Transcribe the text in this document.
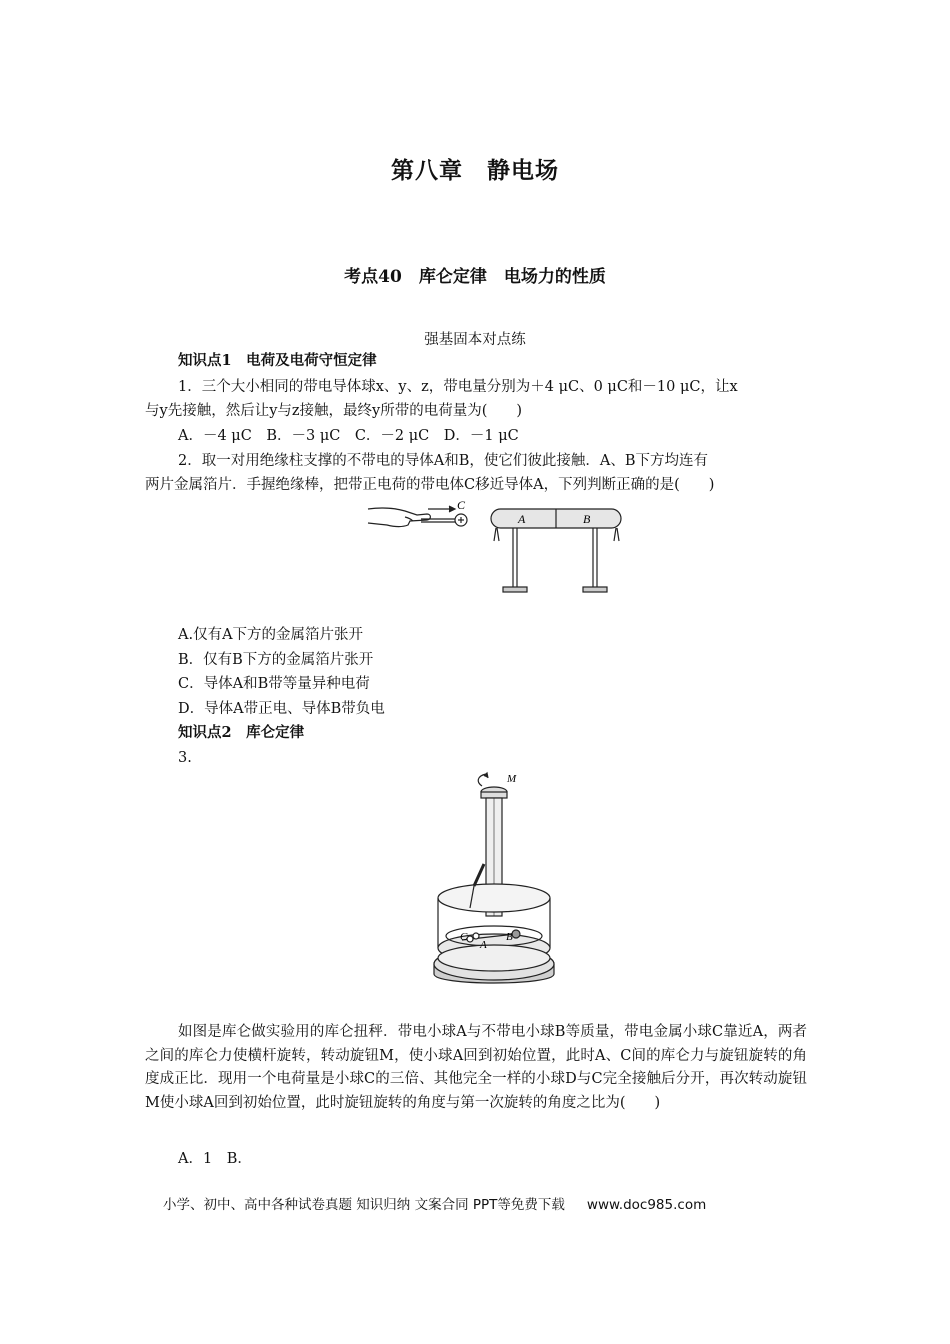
第八章　静电场
考点40　库仑定律　电场力的性质
强基固本对点练
知识点1　电荷及电荷守恒定律
1．三个大小相同的带电导体球x、y、z，带电量分别为＋4 μC、0 μC和－10 μC，让x
与y先接触，然后让y与z接触，最终y所带的电荷量为(　　)
A．－4 μC　B．－3 μC　C．－2 μC　D．－1 μC
2．取一对用绝缘柱支撑的不带电的导体A和B，使它们彼此接触．A、B下方均连有
两片金属箔片．手握绝缘棒，把带正电荷的带电体C移近导体A，下列判断正确的是(　　)
C
A	B
A.仅有A下方的金属箔片张开
B．仅有B下方的金属箔片张开
C．导体A和B带等量异种电荷
D．导体A带正电、导体B带负电
知识点2　库仑定律
3.
M
C
A
B
如图是库仑做实验用的库仑扭秤．带电小球A与不带电小球B等质量，带电金属小球C靠近A，两者之间的库仑力使横杆旋转，转动旋钮M，使小球A回到初始位置，此时A、C间的库仑力与旋钮旋转的角度成正比．现用一个电荷量是小球C的三倍、其他完全一样的小球D与C完全接触后分开，再次转动旋钮M使小球A回到初始位置，此时旋钮旋转的角度与第一次旋转的角度之比为(　　)
A．1　B．
小学、初中、高中各种试卷真题 知识归纳 文案合同 PPT等免费下载 www.doc985.com
